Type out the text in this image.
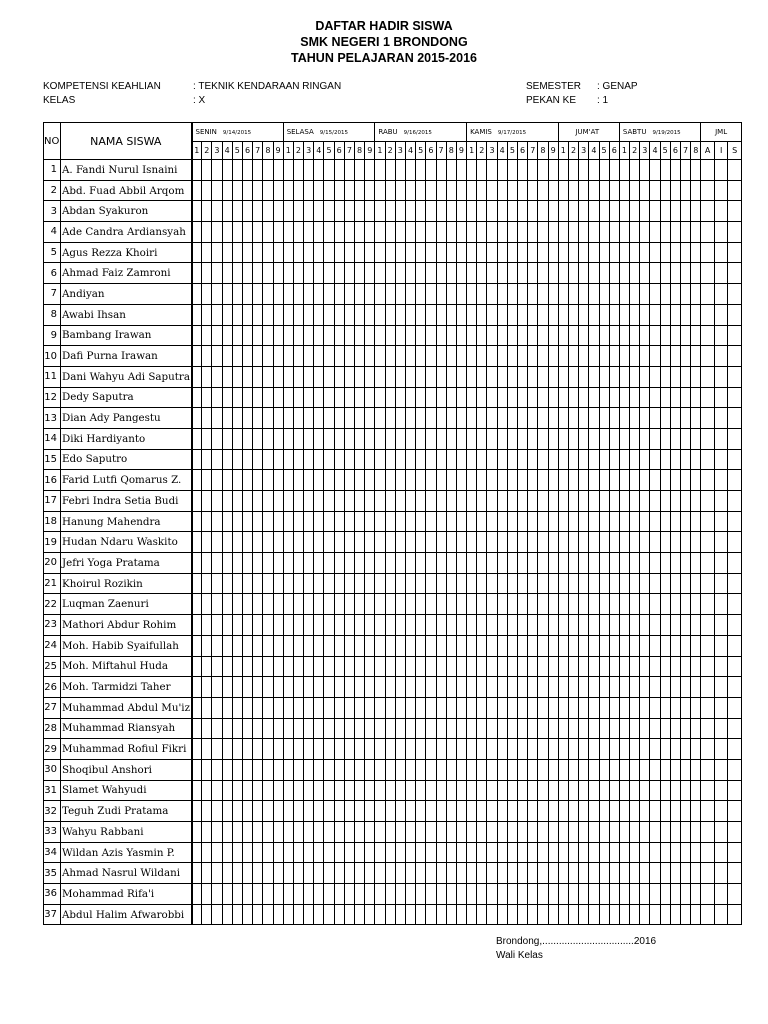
DAFTAR HADIR SISWA
SMK NEGERI 1 BRONDONG
TAHUN PELAJARAN 2015-2016
KOMPETENSI KEAHLIAN	: TEKNIK KENDARAAN RINGAN
KELAS	: X
SEMESTER : GENAP
PEKAN KE : 1
NO	NAMA SISWA	SENIN 9/14/2015									SELASA 9/15/2015									RABU 9/16/2015									KAMIS 9/17/2015									JUM'AT						SABTU 9/19/2015								JML		
		1	2	3	4	5	6	7	8	9	1	2	3	4	5	6	7	8	9	1	2	3	4	5	6	7	8	9	1	2	3	4	5	6	7	8	9	1	2	3	4	5	6	1	2	3	4	5	6	7	8	A	I	S
1	A. Fandi Nurul Isnaini																																																					
2	Abd. Fuad Abbil Arqom																																																					
3	Abdan Syakuron																																																					
4	Ade Candra Ardiansyah																																																					
5	Agus Rezza Khoiri																																																					
6	Ahmad Faiz Zamroni																																																					
7	Andiyan																																																					
8	Awabi Ihsan																																																					
9	Bambang Irawan																																																					
10	Dafi Purna Irawan																																																					
11	Dani Wahyu Adi Saputra																																																					
12	Dedy Saputra																																																					
13	Dian Ady Pangestu																																																					
14	Diki Hardiyanto																																																					
15	Edo Saputro																																																					
16	Farid Lutfi Qomarus Z.																																																					
17	Febri Indra Setia Budi																																																					
18	Hanung Mahendra																																																					
19	Hudan Ndaru Waskito																																																					
20	Jefri Yoga Pratama																																																					
21	Khoirul Rozikin																																																					
22	Luqman Zaenuri																																																					
23	Mathori Abdur Rohim																																																					
24	Moh. Habib Syaifullah																																																					
25	Moh. Miftahul Huda																																																					
26	Moh. Tarmidzi Taher																																																					
27	Muhammad Abdul Mu'iz																																																					
28	Muhammad Riansyah																																																					
29	Muhammad Rofiul Fikri																																																					
30	Shoqibul Anshori																																																					
31	Slamet Wahyudi																																																					
32	Teguh Zudi Pratama																																																					
33	Wahyu Rabbani																																																					
34	Wildan Azis Yasmin P.																																																					
35	Ahmad Nasrul Wildani																																																					
36	Mohammad Rifa'i																																																					
37	Abdul Halim Afwarobbi																																																					
Brondong,.................................2016
Wali Kelas
